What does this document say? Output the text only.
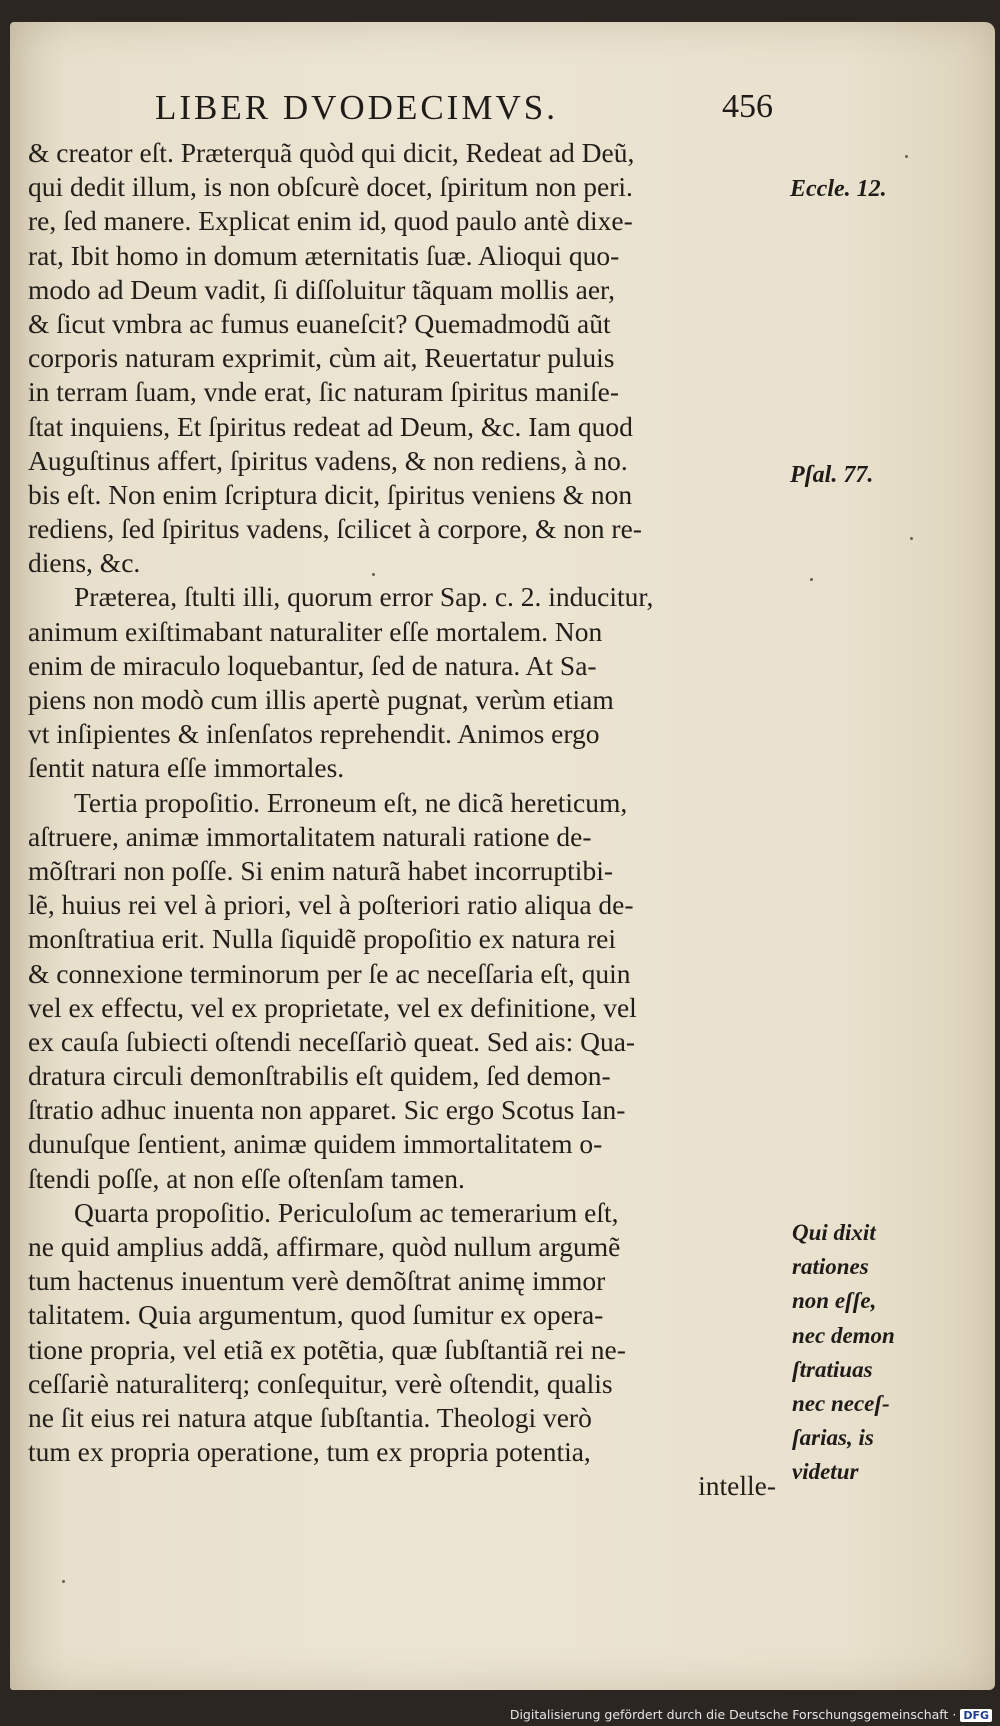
LIBER DVODECIMVS.	456
& creator eſt. Præterquã quòd qui dicit, Redeat ad Deũ,
qui dedit illum, is non obſcurè docet, ſpiritum non peri.
re, ſed manere. Explicat enim id, quod paulo antè dixe-
rat, Ibit homo in domum æternitatis ſuæ. Alioqui quo-
modo ad Deum vadit, ſi diſſoluitur tãquam mollis aer,
& ſicut vmbra ac fumus euaneſcit? Quemadmodũ aũt
corporis naturam exprimit, cùm ait, Reuertatur puluis
in terram ſuam, vnde erat, ſic naturam ſpiritus maniſe-
ſtat inquiens, Et ſpiritus redeat ad Deum, &c. Iam quod
Auguſtinus affert, ſpiritus vadens, & non rediens, à no.
bis eſt. Non enim ſcriptura dicit, ſpiritus veniens & non
rediens, ſed ſpiritus vadens, ſcilicet à corpore, & non re-
diens, &c.
Præterea, ſtulti illi, quorum error Sap. c. 2. inducitur,
animum exiſtimabant naturaliter eſſe mortalem. Non
enim de miraculo loquebantur, ſed de natura. At Sa-
piens non modò cum illis apertè pugnat, verùm etiam
vt inſipientes & inſenſatos reprehendit. Animos ergo
ſentit natura eſſe immortales.
Tertia propoſitio. Erroneum eſt, ne dicã hereticum,
aſtruere, animæ immortalitatem naturali ratione de-
mõſtrari non poſſe. Si enim naturã habet incorruptibi-
lẽ, huius rei vel à priori, vel à poſteriori ratio aliqua de-
monſtratiua erit. Nulla ſiquidẽ propoſitio ex natura rei
& connexione terminorum per ſe ac neceſſaria eſt, quin
vel ex effectu, vel ex proprietate, vel ex definitione, vel
ex cauſa ſubiecti oſtendi neceſſariò queat. Sed ais: Qua-
dratura circuli demonſtrabilis eſt quidem, ſed demon-
ſtratio adhuc inuenta non apparet. Sic ergo Scotus Ian-
dunuſque ſentient, animæ quidem immortalitatem o-
ſtendi poſſe, at non eſſe oſtenſam tamen.
Quarta propoſitio. Periculoſum ac temerarium eſt,
ne quid amplius addã, affirmare, quòd nullum argumẽ
tum hactenus inuentum verè demõſtrat animę immor
talitatem. Quia argumentum, quod ſumitur ex opera-
tione propria, vel etiã ex potẽtia, quæ ſubſtantiã rei ne-
ceſſariè naturaliterq; conſequitur, verè oſtendit, qualis
ne ſit eius rei natura atque ſubſtantia. Theologi verò
tum ex propria operatione, tum ex propria potentia,
intelle-
Eccle. 12.
Pſal. 77.
Qui dixit
rationes
non eſſe,
nec demon
ſtratiuas
nec neceſ-
ſarias, is
videtur
Digitalisierung gefördert durch die Deutsche Forschungsgemeinschaft · DFG
